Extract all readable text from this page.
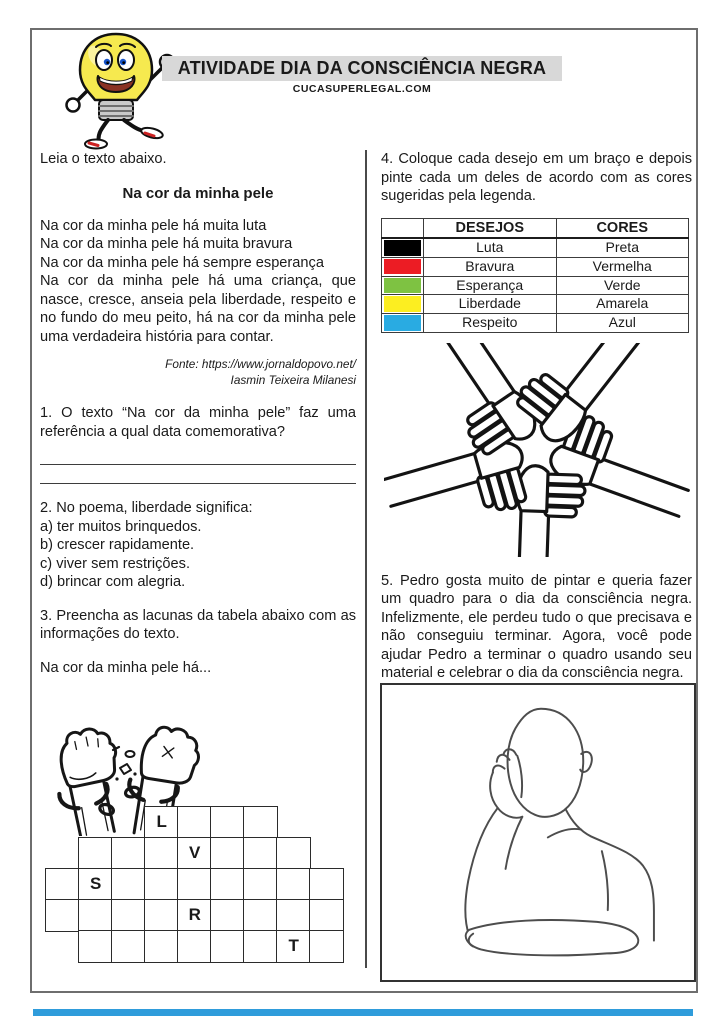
ATIVIDADE DIA DA CONSCIÊNCIA NEGRA
CUCASUPERLEGAL.COM
Leia o texto abaixo.
Na cor da minha pele
Na cor da minha pele há muita luta
Na cor da minha pele há muita bravura
Na cor da minha pele há sempre esperança
Na cor da minha pele há uma criança, que nasce, cresce, anseia pela liberdade, respeito e no fundo do meu peito, há na cor da minha pele uma verdadeira história para contar.
Fonte: https://www.jornaldopovo.net/
Iasmin Teixeira Milanesi
1. O texto “Na cor da minha pele” faz uma referência a qual data comemorativa?
2. No poema, liberdade significa:
a) ter muitos brinquedos.
b) crescer rapidamente.
c) viver sem restrições.
d) brincar com alegria.
3. Preencha as lacunas da tabela abaixo com as informações do texto.
Na cor da minha pele há...
L
V
S
R
T
4. Coloque cada desejo em um braço e depois pinte cada um deles de acordo com as cores sugeridas pela legenda.
	DESEJOS	CORES

	Luta	Preta

	Bravura	Vermelha

	Esperança	Verde

	Liberdade	Amarela

	Respeito	Azul
5. Pedro gosta muito de pintar e queria fazer um quadro para o dia da consciência negra. Infelizmente, ele perdeu tudo o que precisava e não conseguiu terminar. Agora, você pode ajudar Pedro a terminar o quadro usando seu material e celebrar o dia da consciência negra.
